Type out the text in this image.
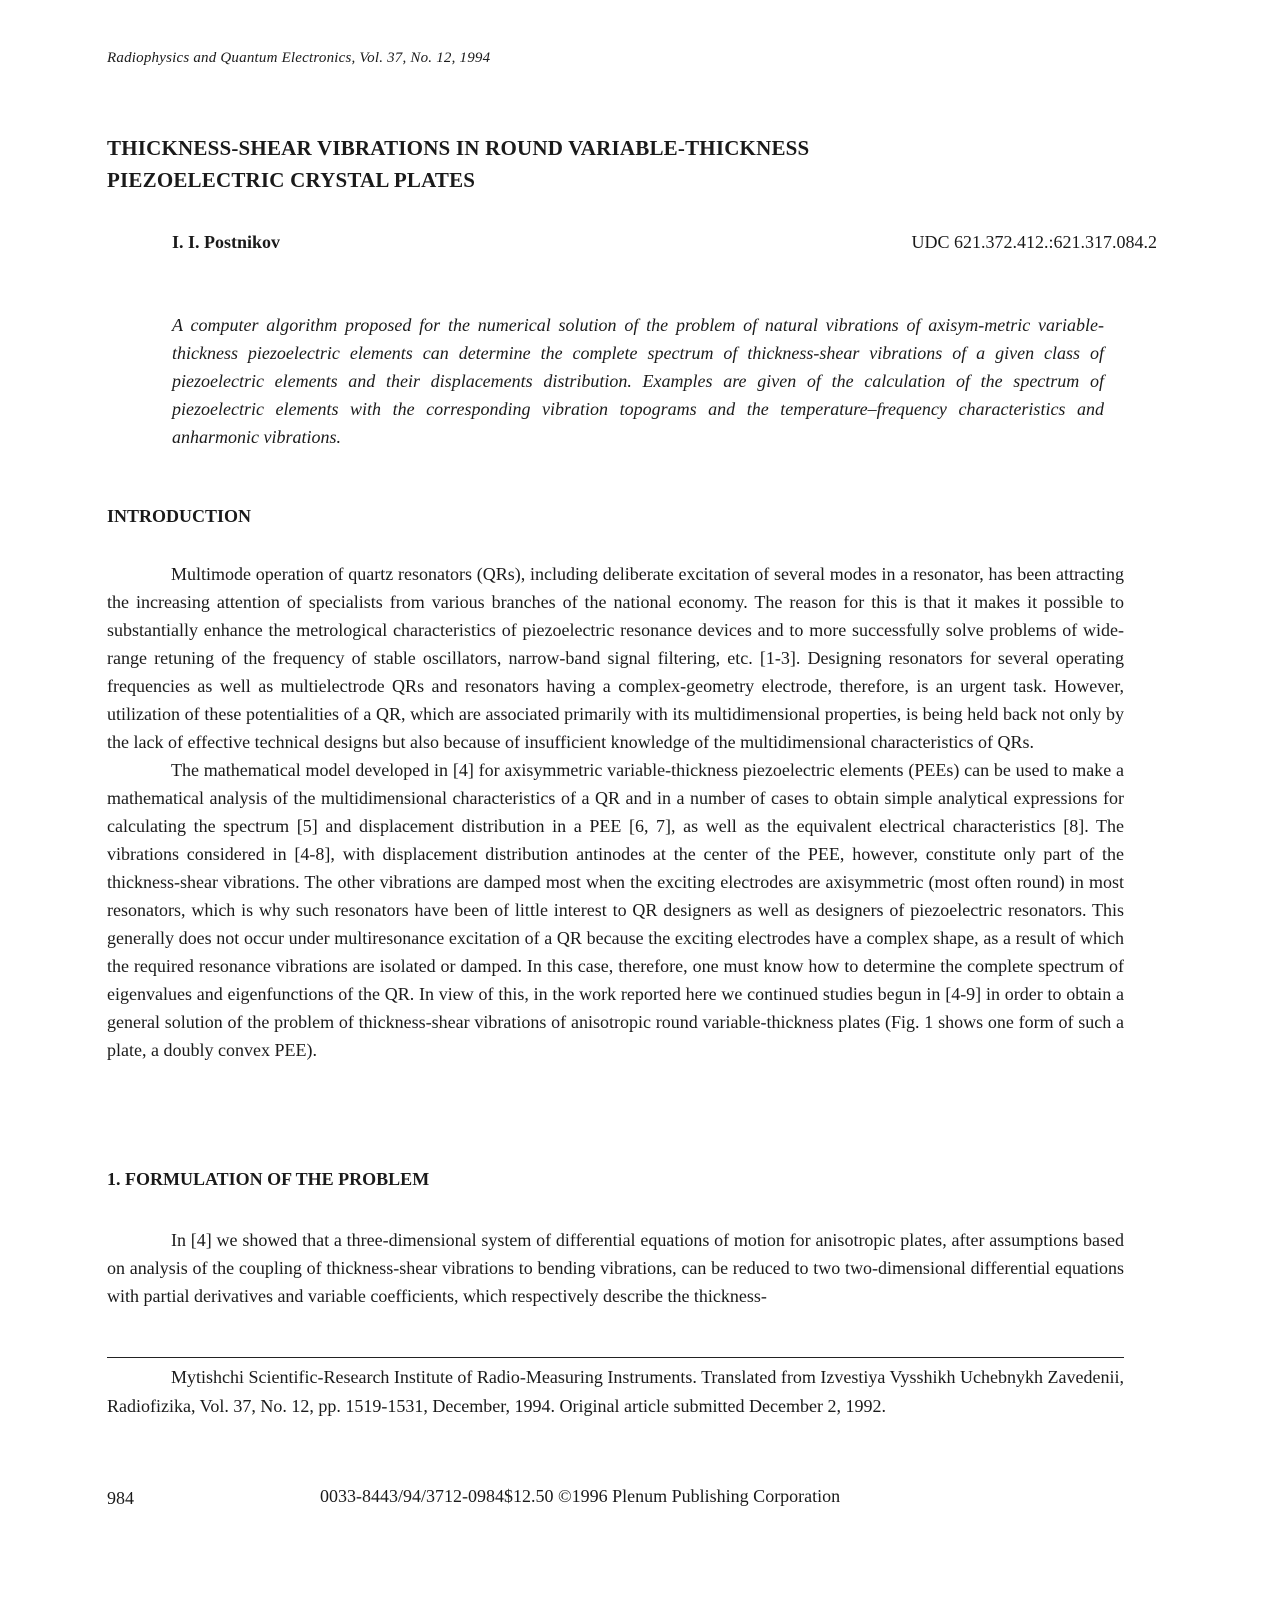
Radiophysics and Quantum Electronics, Vol. 37, No. 12, 1994
THICKNESS-SHEAR VIBRATIONS IN ROUND VARIABLE-THICKNESS
PIEZOELECTRIC CRYSTAL PLATES
I. I. Postnikov	UDC 621.372.412.:621.317.084.2

A computer algorithm proposed for the numerical solution of the problem of natural vibrations of axisym-metric variable-thickness piezoelectric elements can determine the complete spectrum of thickness-shear vibrations of a given class of piezoelectric elements and their displacements distribution. Examples are given of the calculation of the spectrum of piezoelectric elements with the corresponding vibration topograms and the temperature–frequency characteristics and anharmonic vibrations.

INTRODUCTION

Multimode operation of quartz resonators (QRs), including deliberate excitation of several modes in a resonator, has been attracting the increasing attention of specialists from various branches of the national economy. The reason for this is that it makes it possible to substantially enhance the metrological characteristics of piezoelectric resonance devices and to more successfully solve problems of wide-range retuning of the frequency of stable oscillators, narrow-band signal filtering, etc. [1-3]. Designing resonators for several operating frequencies as well as multielectrode QRs and resonators having a complex-geometry electrode, therefore, is an urgent task. However, utilization of these potentialities of a QR, which are associated primarily with its multidimensional properties, is being held back not only by the lack of effective technical designs but also because of insufficient knowledge of the multidimensional characteristics of QRs.

The mathematical model developed in [4] for axisymmetric variable-thickness piezoelectric elements (PEEs) can be used to make a mathematical analysis of the multidimensional characteristics of a QR and in a number of cases to obtain simple analytical expressions for calculating the spectrum [5] and displacement distribution in a PEE [6, 7], as well as the equivalent electrical characteristics [8]. The vibrations considered in [4-8], with displacement distribution antinodes at the center of the PEE, however, constitute only part of the thickness-shear vibrations. The other vibrations are damped most when the exciting electrodes are axisymmetric (most often round) in most resonators, which is why such resonators have been of little interest to QR designers as well as designers of piezoelectric resonators. This generally does not occur under multiresonance excitation of a QR because the exciting electrodes have a complex shape, as a result of which the required resonance vibrations are isolated or damped. In this case, therefore, one must know how to determine the complete spectrum of eigenvalues and eigenfunctions of the QR. In view of this, in the work reported here we continued studies begun in [4-9] in order to obtain a general solution of the problem of thickness-shear vibrations of anisotropic round variable-thickness plates (Fig. 1 shows one form of such a plate, a doubly convex PEE).

1. FORMULATION OF THE PROBLEM

In [4] we showed that a three-dimensional system of differential equations of motion for anisotropic plates, after assumptions based on analysis of the coupling of thickness-shear vibrations to bending vibrations, can be reduced to two two-dimensional differential equations with partial derivatives and variable coefficients, which respectively describe the thickness-

Mytishchi Scientific-Research Institute of Radio-Measuring Instruments. Translated from Izvestiya Vysshikh Uchebnykh Zavedenii, Radiofizika, Vol. 37, No. 12, pp. 1519-1531, December, 1994. Original article submitted December 2, 1992.

984	0033-8443/94/3712-0984$12.50 ©1996 Plenum Publishing Corporation
